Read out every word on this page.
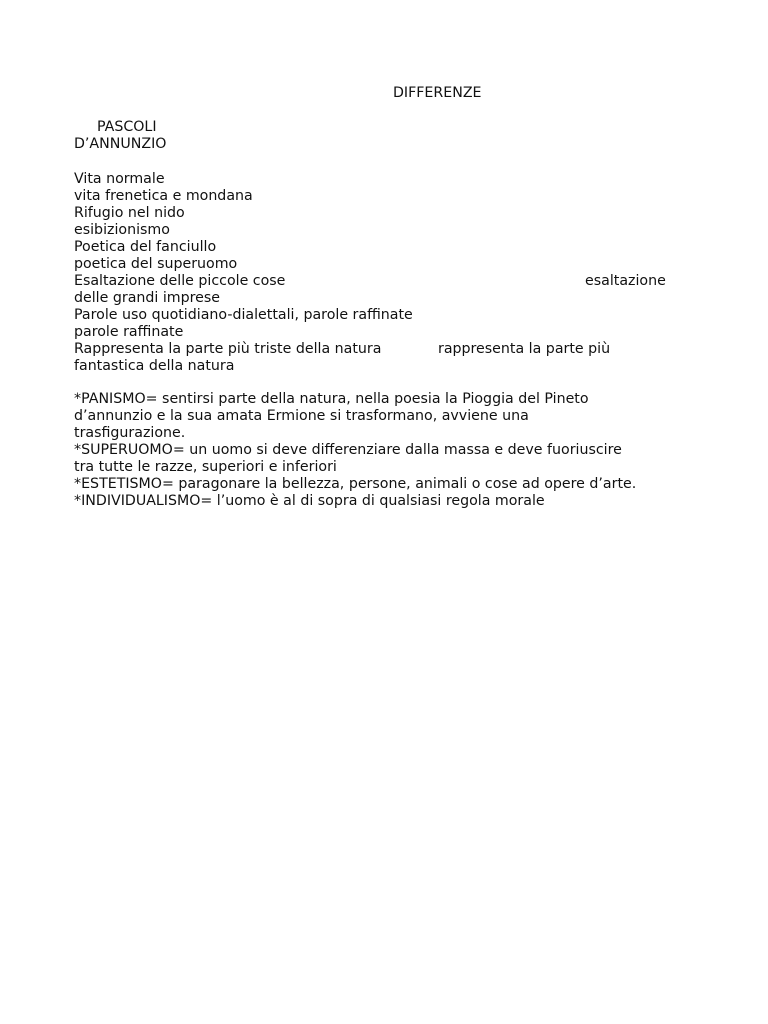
DIFFERENZE
PASCOLI
D’ANNUNZIO
Vita normale
vita frenetica e mondana
Rifugio nel nido
esibizionismo
Poetica del fanciullo
poetica del superuomo
Esaltazione delle piccole cose	esaltazione
delle grandi imprese
Parole uso quotidiano-dialettali, parole raffinate
parole raffinate
Rappresenta la parte più triste della natura	rappresenta la parte più
fantastica della natura
*PANISMO= sentirsi parte della natura, nella poesia la Pioggia del Pineto
d’annunzio e la sua amata Ermione si trasformano, avviene una
trasfigurazione.
*SUPERUOMO= un uomo si deve differenziare dalla massa e deve fuoriuscire
tra tutte le razze, superiori e inferiori
*ESTETISMO= paragonare la bellezza, persone, animali o cose ad opere d’arte.
*INDIVIDUALISMO= l’uomo è al di sopra di qualsiasi regola morale
